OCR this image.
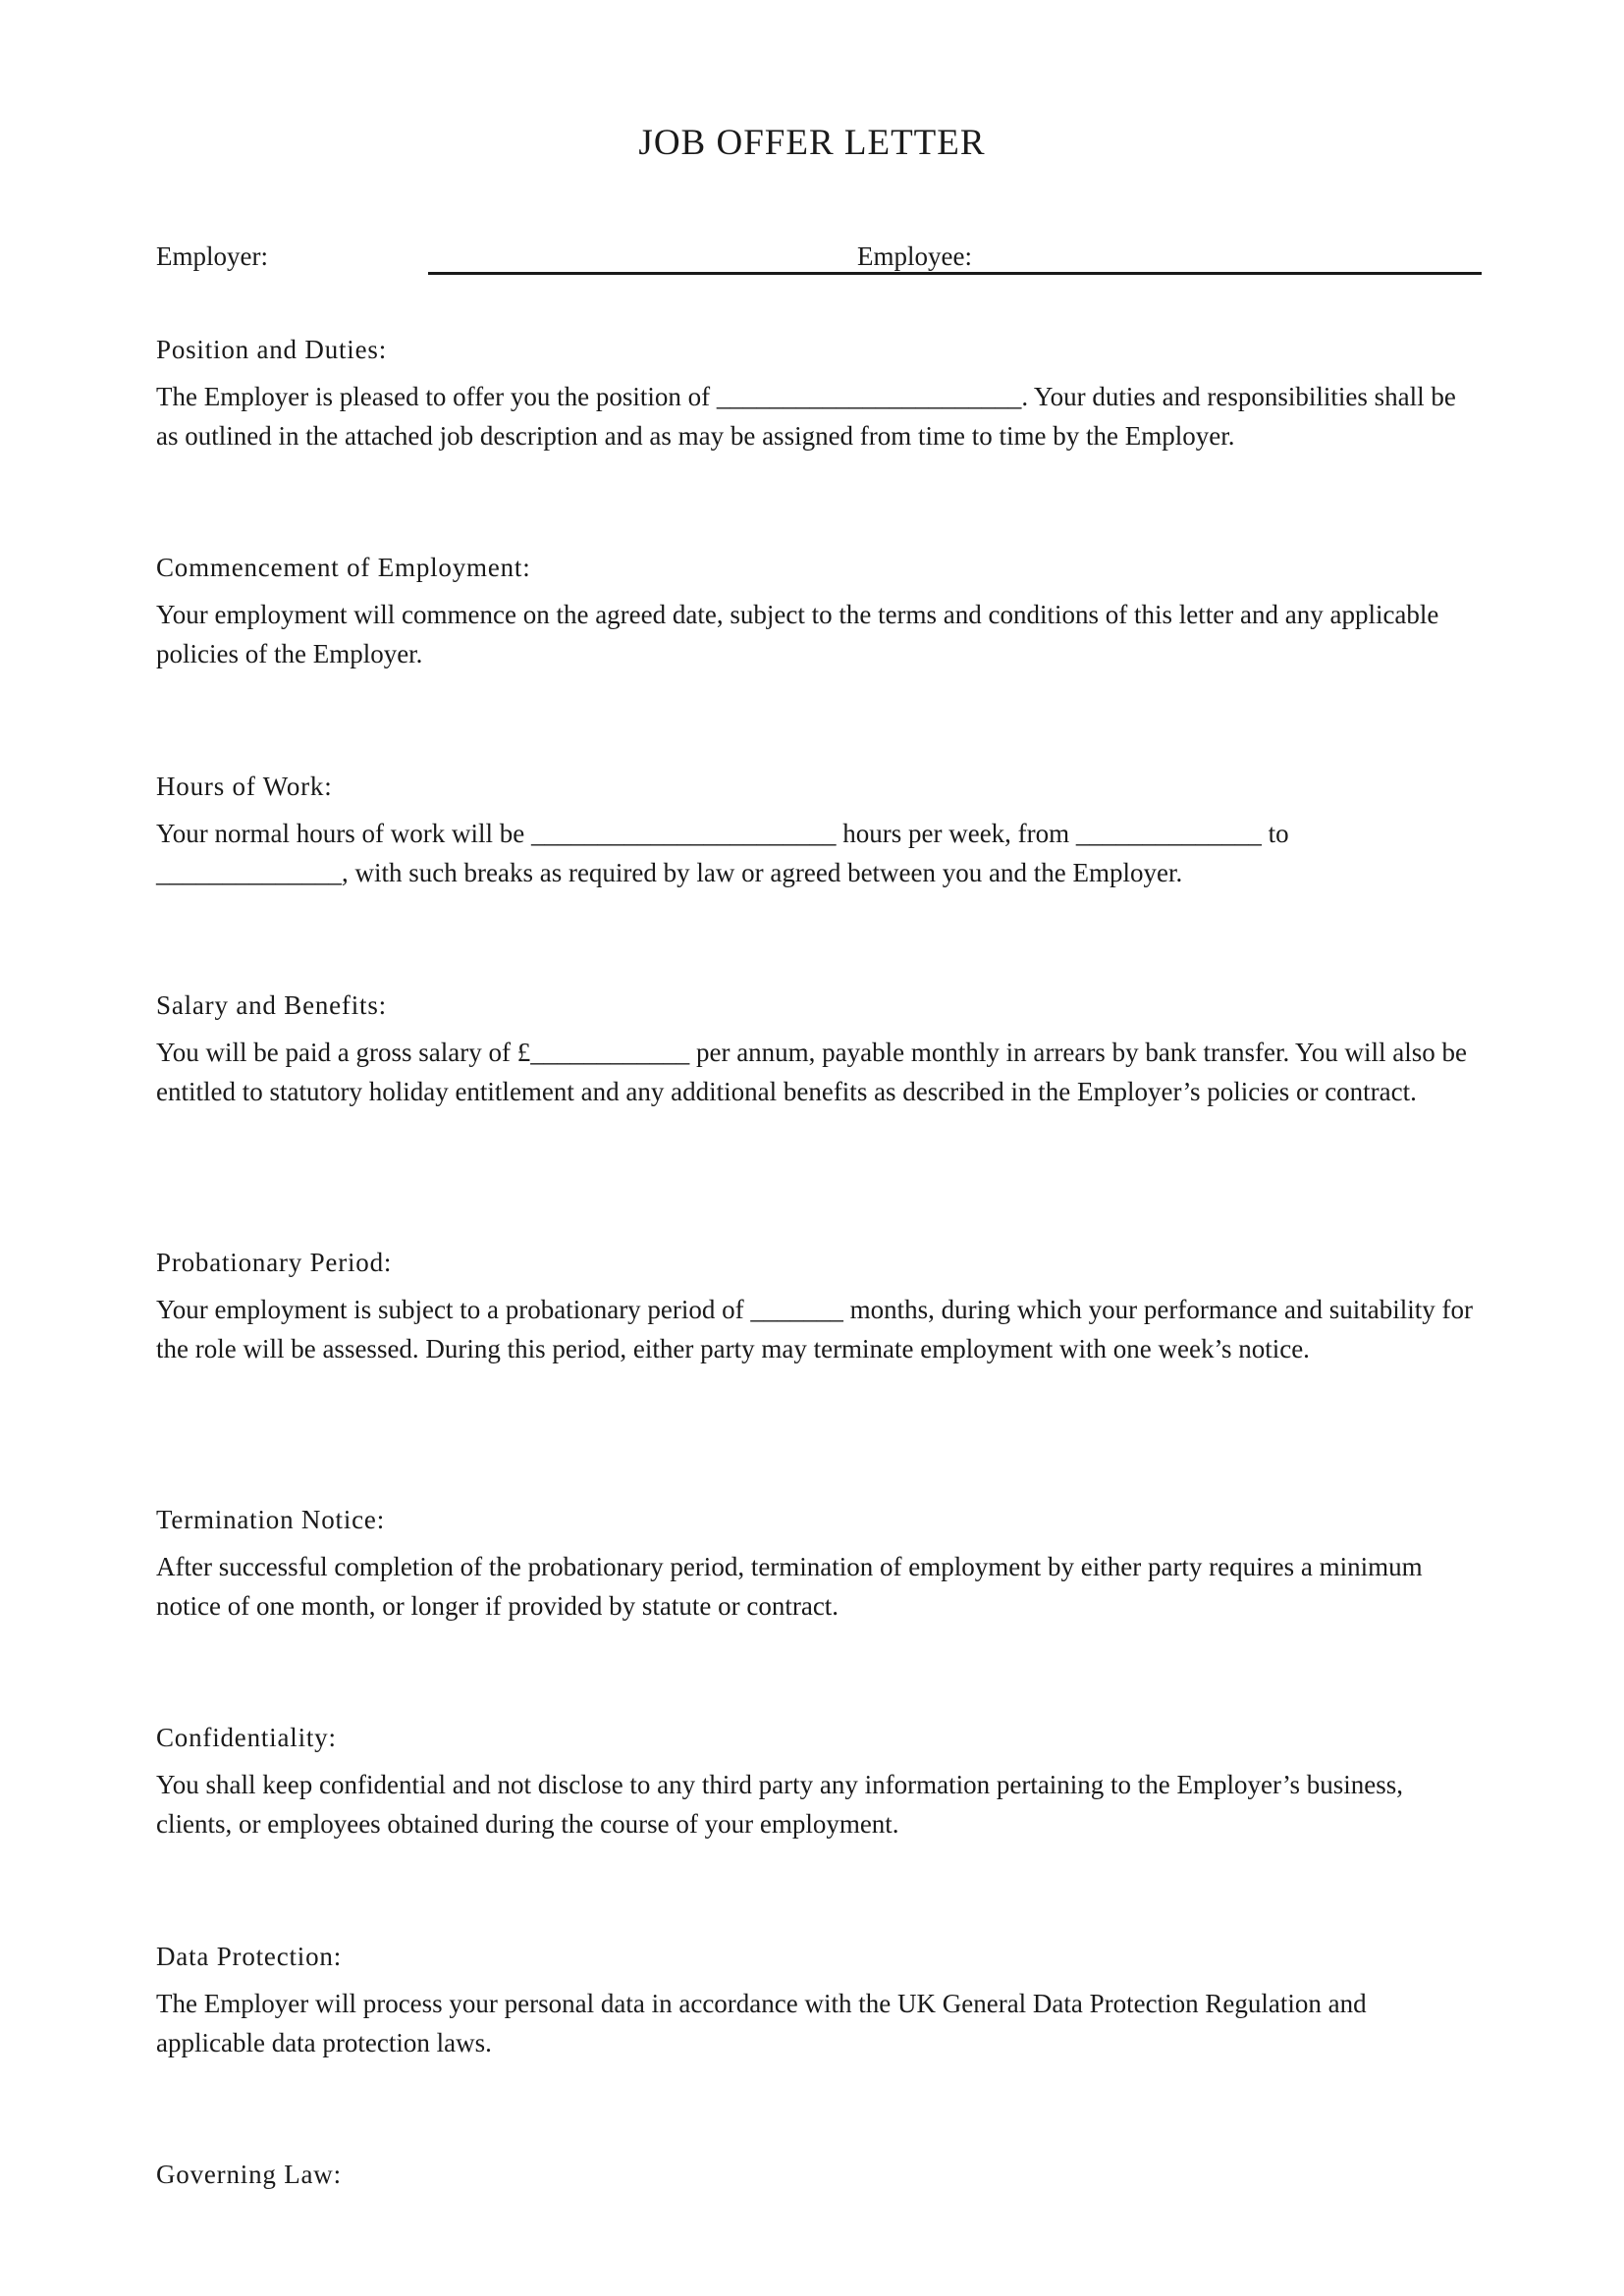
JOB OFFER LETTER
Employer:	Employee:
Position and Duties:

The Employer is pleased to offer you the position of _______________________. Your duties and responsibilities shall be as outlined in the attached job description and as may be assigned from time to time by the Employer.

Commencement of Employment:

Your employment will commence on the agreed date, subject to the terms and conditions of this letter and any applicable policies of the Employer.

Hours of Work:

Your normal hours of work will be _______________________ hours per week, from ______________ to ______________, with such breaks as required by law or agreed between you and the Employer.

Salary and Benefits:

You will be paid a gross salary of £____________ per annum, payable monthly in arrears by bank transfer. You will also be entitled to statutory holiday entitlement and any additional benefits as described in the Employer’s policies or contract.

Probationary Period:

Your employment is subject to a probationary period of _______ months, during which your performance and suitability for the role will be assessed. During this period, either party may terminate employment with one week’s notice.

Termination Notice:

After successful completion of the probationary period, termination of employment by either party requires a minimum notice of one month, or longer if provided by statute or contract.

Confidentiality:

You shall keep confidential and not disclose to any third party any information pertaining to the Employer’s business, clients, or employees obtained during the course of your employment.

Data Protection:

The Employer will process your personal data in accordance with the UK General Data Protection Regulation and applicable data protection laws.

Governing Law:
